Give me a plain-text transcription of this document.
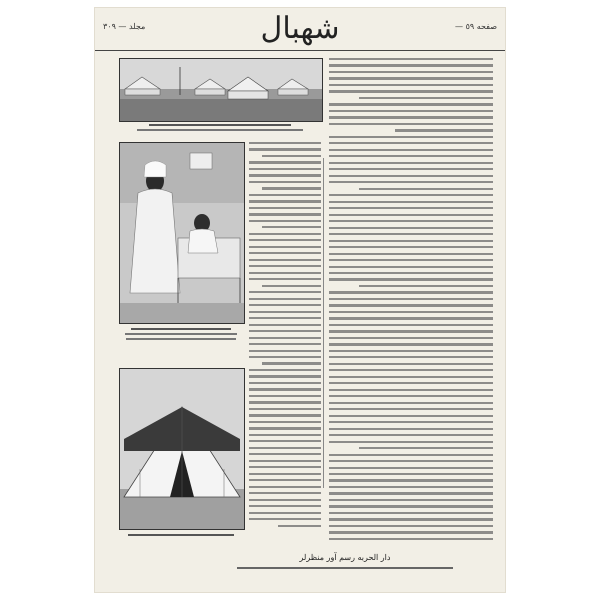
مجلد — ٣٠٩	شهبال	صفحه ٥٩ —
دار الحربه رسم آور منظرلر
